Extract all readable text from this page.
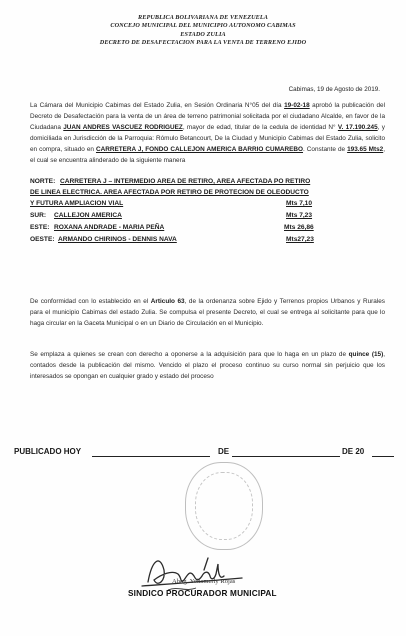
REPUBLICA BOLIVARIANA DE VENEZUELA
CONCEJO MUNICIPAL DEL MUNICIPIO AUTONOMO CABIMAS
ESTADO ZULIA
DECRETO DE DESAFECTACION PARA LA VENTA DE TERRENO EJIDO
Cabimas, 19 de Agosto de 2019.
La Cámara del Municipio Cabimas del Estado Zulia, en Sesión Ordinaria N°05 del día 19-02-18 aprobó la publicación del Decreto de Desafectación para la venta de un área de terreno patrimonial solicitada por el ciudadano Alcalde, en favor de la Ciudadana JUAN ANDRES VASCUEZ RODRIGUEZ, mayor de edad, titular de la cedula de identidad N° V. 17.190.245, y domiciliada en Jurisdicción de la Parroquia: Rómulo Betancourt, De la Ciudad y Municipio Cabimas del Estado Zulia, solicito en compra, situado en CARRETERA J, FONDO CALLEJON AMERICA BARRIO CUMAREBO. Constante de 193.65 Mts2, el cual se encuentra alinderado de la siguiente manera
NORTE: CARRETERA J – INTERMEDIO AREA DE RETIRO, AREA AFECTADA PO RETIRO
DE LINEA ELECTRICA. AREA AFECTADA POR RETIRO DE PROTECION DE OLEODUCTO
Y FUTURA AMPLIACION VIAL	Mts 7,10
SUR: CALLEJON AMERICA	Mts 7,23
ESTE: ROXANA ANDRADE - MARIA PEÑA	Mts 26,86
OESTE: ARMANDO CHIRINOS - DENNIS NAVA	Mts27,23
De conformidad con lo establecido en el Articulo 63, de la ordenanza sobre Ejido y Terrenos propios Urbanos y Rurales para el municipio Cabimas del estado Zulia. Se compulsa el presente Decreto, el cual se entrega al solicitante para que lo haga circular en la Gaceta Municipal o en un Diario de Circulación en el Municipio.
Se emplaza a quienes se crean con derecho a oponerse a la adquisición para que lo haga en un plazo de quince (15), contados desde la publicación del mismo. Vencido el plazo el proceso continuo su curso normal sin perjuicio que los interesados se opongan en cualquier grado y estado del proceso
PUBLICADO HOY	DE	DE 20
Abog. Yohamerly Rojas
SINDICO PROCURADOR MUNICIPAL
